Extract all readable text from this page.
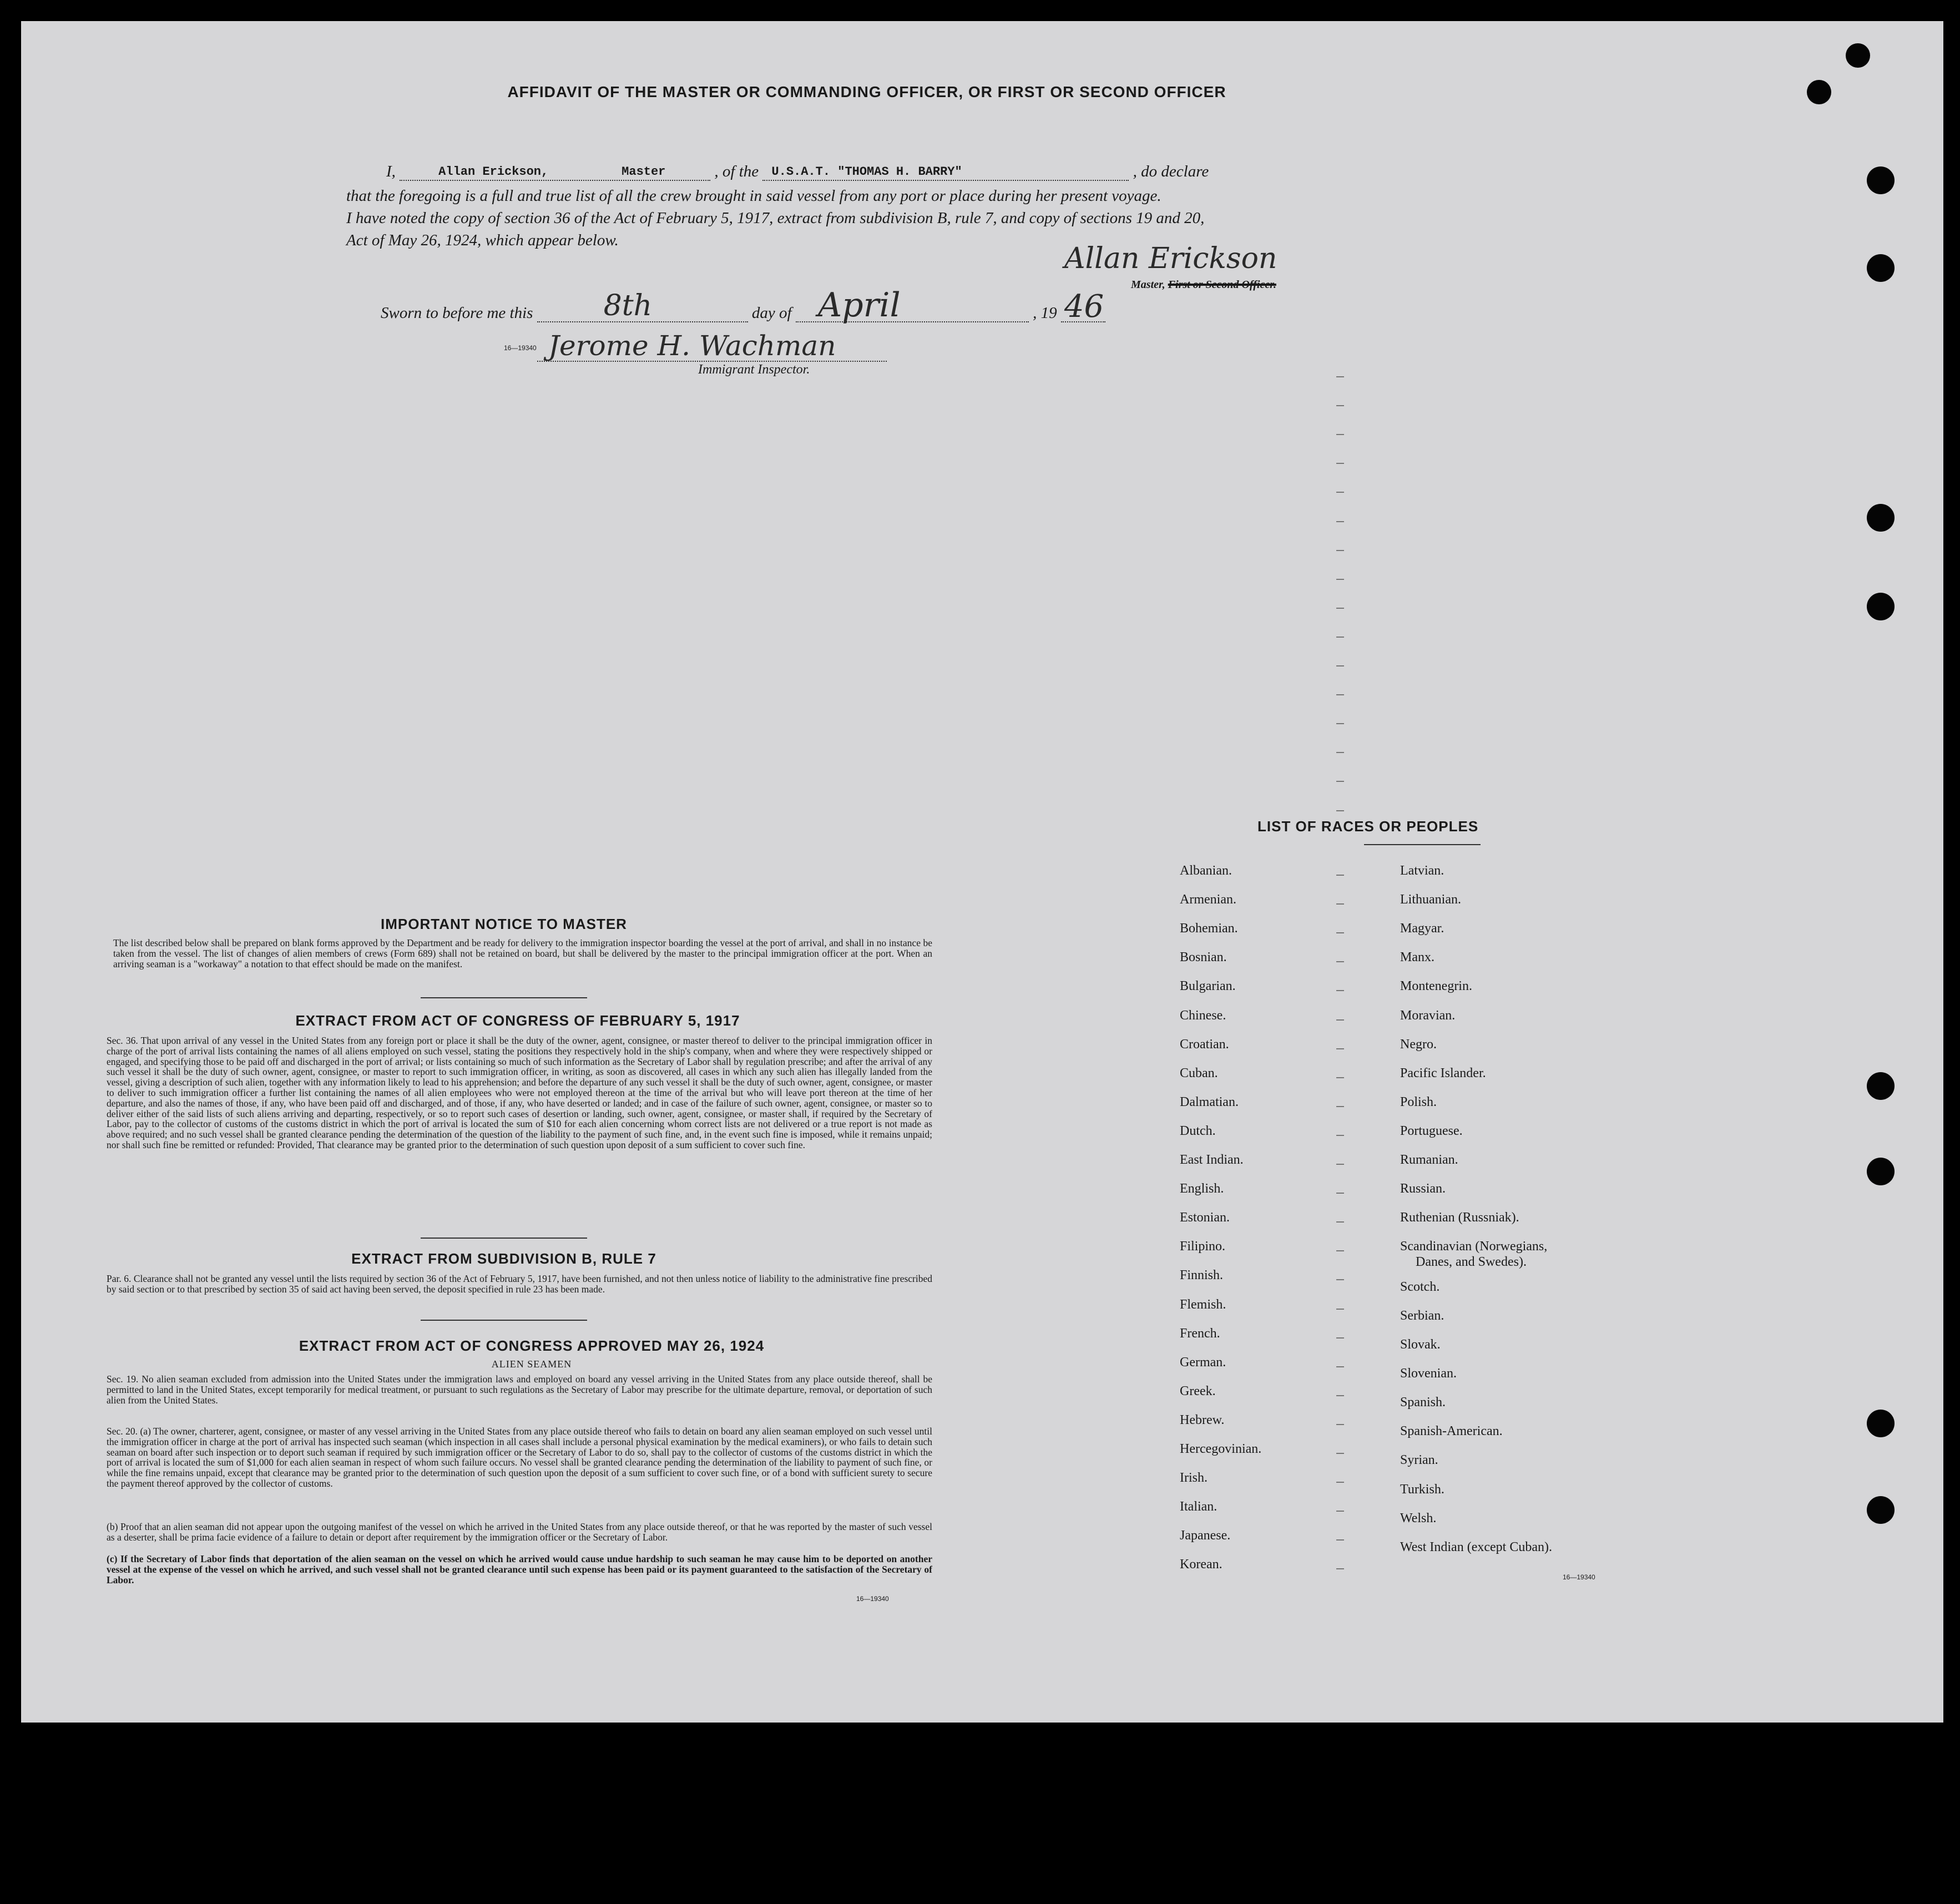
AFFIDAVIT OF THE MASTER OR COMMANDING OFFICER, OR FIRST OR SECOND OFFICER
I,	Allan Erickson,	Master	, of the U.S.A.T. "THOMAS H. BARRY"	, do declare
that the foregoing is a full and true list of all the crew brought in said vessel from any port or place during her present voyage.
I have noted the copy of section 36 of the Act of February 5, 1917, extract from subdivision B, rule 7, and copy of sections 19 and 20,
Act of May 26, 1924, which appear below.
Allan Erickson
Master, First or Second Officer.
Sworn to before me this 8th	day of April	, 19 46
16—19340 Jerome H. Wachman
Immigrant Inspector.
IMPORTANT NOTICE TO MASTER

The list described below shall be prepared on blank forms approved by the Department and be ready for delivery to the immigration inspector boarding the vessel at the port of arrival, and shall in no instance be taken from the vessel. The list of changes of alien members of crews (Form 689) shall not be retained on board, but shall be delivered by the master to the principal immigration officer at the port. When an arriving seaman is a "workaway" a notation to that effect should be made on the manifest.

EXTRACT FROM ACT OF CONGRESS OF FEBRUARY 5, 1917

Sec. 36. That upon arrival of any vessel in the United States from any foreign port or place it shall be the duty of the owner, agent, consignee, or master thereof to deliver to the principal immigration officer in charge of the port of arrival lists containing the names of all aliens employed on such vessel, stating the positions they respectively hold in the ship's company, when and where they were respectively shipped or engaged, and specifying those to be paid off and discharged in the port of arrival; or lists containing so much of such information as the Secretary of Labor shall by regulation prescribe; and after the arrival of any such vessel it shall be the duty of such owner, agent, consignee, or master to report to such immigration officer, in writing, as soon as discovered, all cases in which any such alien has illegally landed from the vessel, giving a description of such alien, together with any information likely to lead to his apprehension; and before the departure of any such vessel it shall be the duty of such owner, agent, consignee, or master to deliver to such immigration officer a further list containing the names of all alien employees who were not employed thereon at the time of the arrival but who will leave port thereon at the time of her departure, and also the names of those, if any, who have been paid off and discharged, and of those, if any, who have deserted or landed; and in case of the failure of such owner, agent, consignee, or master so to deliver either of the said lists of such aliens arriving and departing, respectively, or so to report such cases of desertion or landing, such owner, agent, consignee, or master shall, if required by the Secretary of Labor, pay to the collector of customs of the customs district in which the port of arrival is located the sum of $10 for each alien concerning whom correct lists are not delivered or a true report is not made as above required; and no such vessel shall be granted clearance pending the determination of the question of the liability to the payment of such fine, and, in the event such fine is imposed, while it remains unpaid; nor shall such fine be remitted or refunded: Provided, That clearance may be granted prior to the determination of such question upon deposit of a sum sufficient to cover such fine.

EXTRACT FROM SUBDIVISION B, RULE 7

Par. 6. Clearance shall not be granted any vessel until the lists required by section 36 of the Act of February 5, 1917, have been furnished, and not then unless notice of liability to the administrative fine prescribed by said section or to that prescribed by section 35 of said act having been served, the deposit specified in rule 23 has been made.

EXTRACT FROM ACT OF CONGRESS APPROVED MAY 26, 1924
ALIEN SEAMEN

Sec. 19. No alien seaman excluded from admission into the United States under the immigration laws and employed on board any vessel arriving in the United States from any place outside thereof, shall be permitted to land in the United States, except temporarily for medical treatment, or pursuant to such regulations as the Secretary of Labor may prescribe for the ultimate departure, removal, or deportation of such alien from the United States.

Sec. 20. (a) The owner, charterer, agent, consignee, or master of any vessel arriving in the United States from any place outside thereof who fails to detain on board any alien seaman employed on such vessel until the immigration officer in charge at the port of arrival has inspected such seaman (which inspection in all cases shall include a personal physical examination by the medical examiners), or who fails to detain such seaman on board after such inspection or to deport such seaman if required by such immigration officer or the Secretary of Labor to do so, shall pay to the collector of customs of the customs district in which the port of arrival is located the sum of $1,000 for each alien seaman in respect of whom such failure occurs. No vessel shall be granted clearance pending the determination of the liability to payment of such fine, or while the fine remains unpaid, except that clearance may be granted prior to the determination of such question upon the deposit of a sum sufficient to cover such fine, or of a bond with sufficient surety to secure the payment thereof approved by the collector of customs.

(b) Proof that an alien seaman did not appear upon the outgoing manifest of the vessel on which he arrived in the United States from any place outside thereof, or that he was reported by the master of such vessel as a deserter, shall be prima facie evidence of a failure to detain or deport after requirement by the immigration officer or the Secretary of Labor.

(c) If the Secretary of Labor finds that deportation of the alien seaman on the vessel on which he arrived would cause undue hardship to such seaman he may cause him to be deported on another vessel at the expense of the vessel on which he arrived, and such vessel shall not be granted clearance until such expense has been paid or its payment guaranteed to the satisfaction of the Secretary of Labor.

16—19340
LIST OF RACES OR PEOPLES
Albanian.
Armenian.
Bohemian.
Bosnian.
Bulgarian.
Chinese.
Croatian.
Cuban.
Dalmatian.
Dutch.
East Indian.
English.
Estonian.
Filipino.
Finnish.
Flemish.
French.
German.
Greek.
Hebrew.
Hercegovinian.
Irish.
Italian.
Japanese.
Korean.
Latvian.
Lithuanian.
Magyar.
Manx.
Montenegrin.
Moravian.
Negro.
Pacific Islander.
Polish.
Portuguese.
Rumanian.
Russian.
Ruthenian (Russniak).
Scandinavian (Norwegians,
Danes, and Swedes).
Scotch.
Serbian.
Slovak.
Slovenian.
Spanish.
Spanish-American.
Syrian.
Turkish.
Welsh.
West Indian (except Cuban).
16—19340
